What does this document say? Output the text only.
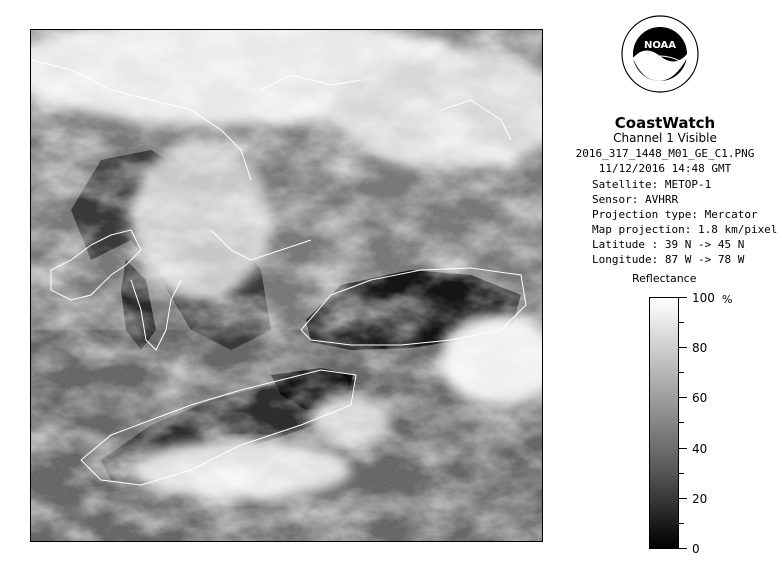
NOAA
CoastWatch
Channel 1 Visible
2016_317_1448_M01_GE_C1.PNG
11/12/2016 14:48 GMT
Satellite: METOP-1
Sensor: AVHRR
Projection type: Mercator
Map projection: 1.8 km/pixel
Latitude : 39 N -> 45 N
Longitude: 87 W -> 78 W
Reflectance
%
100
80
60
40
20
0
